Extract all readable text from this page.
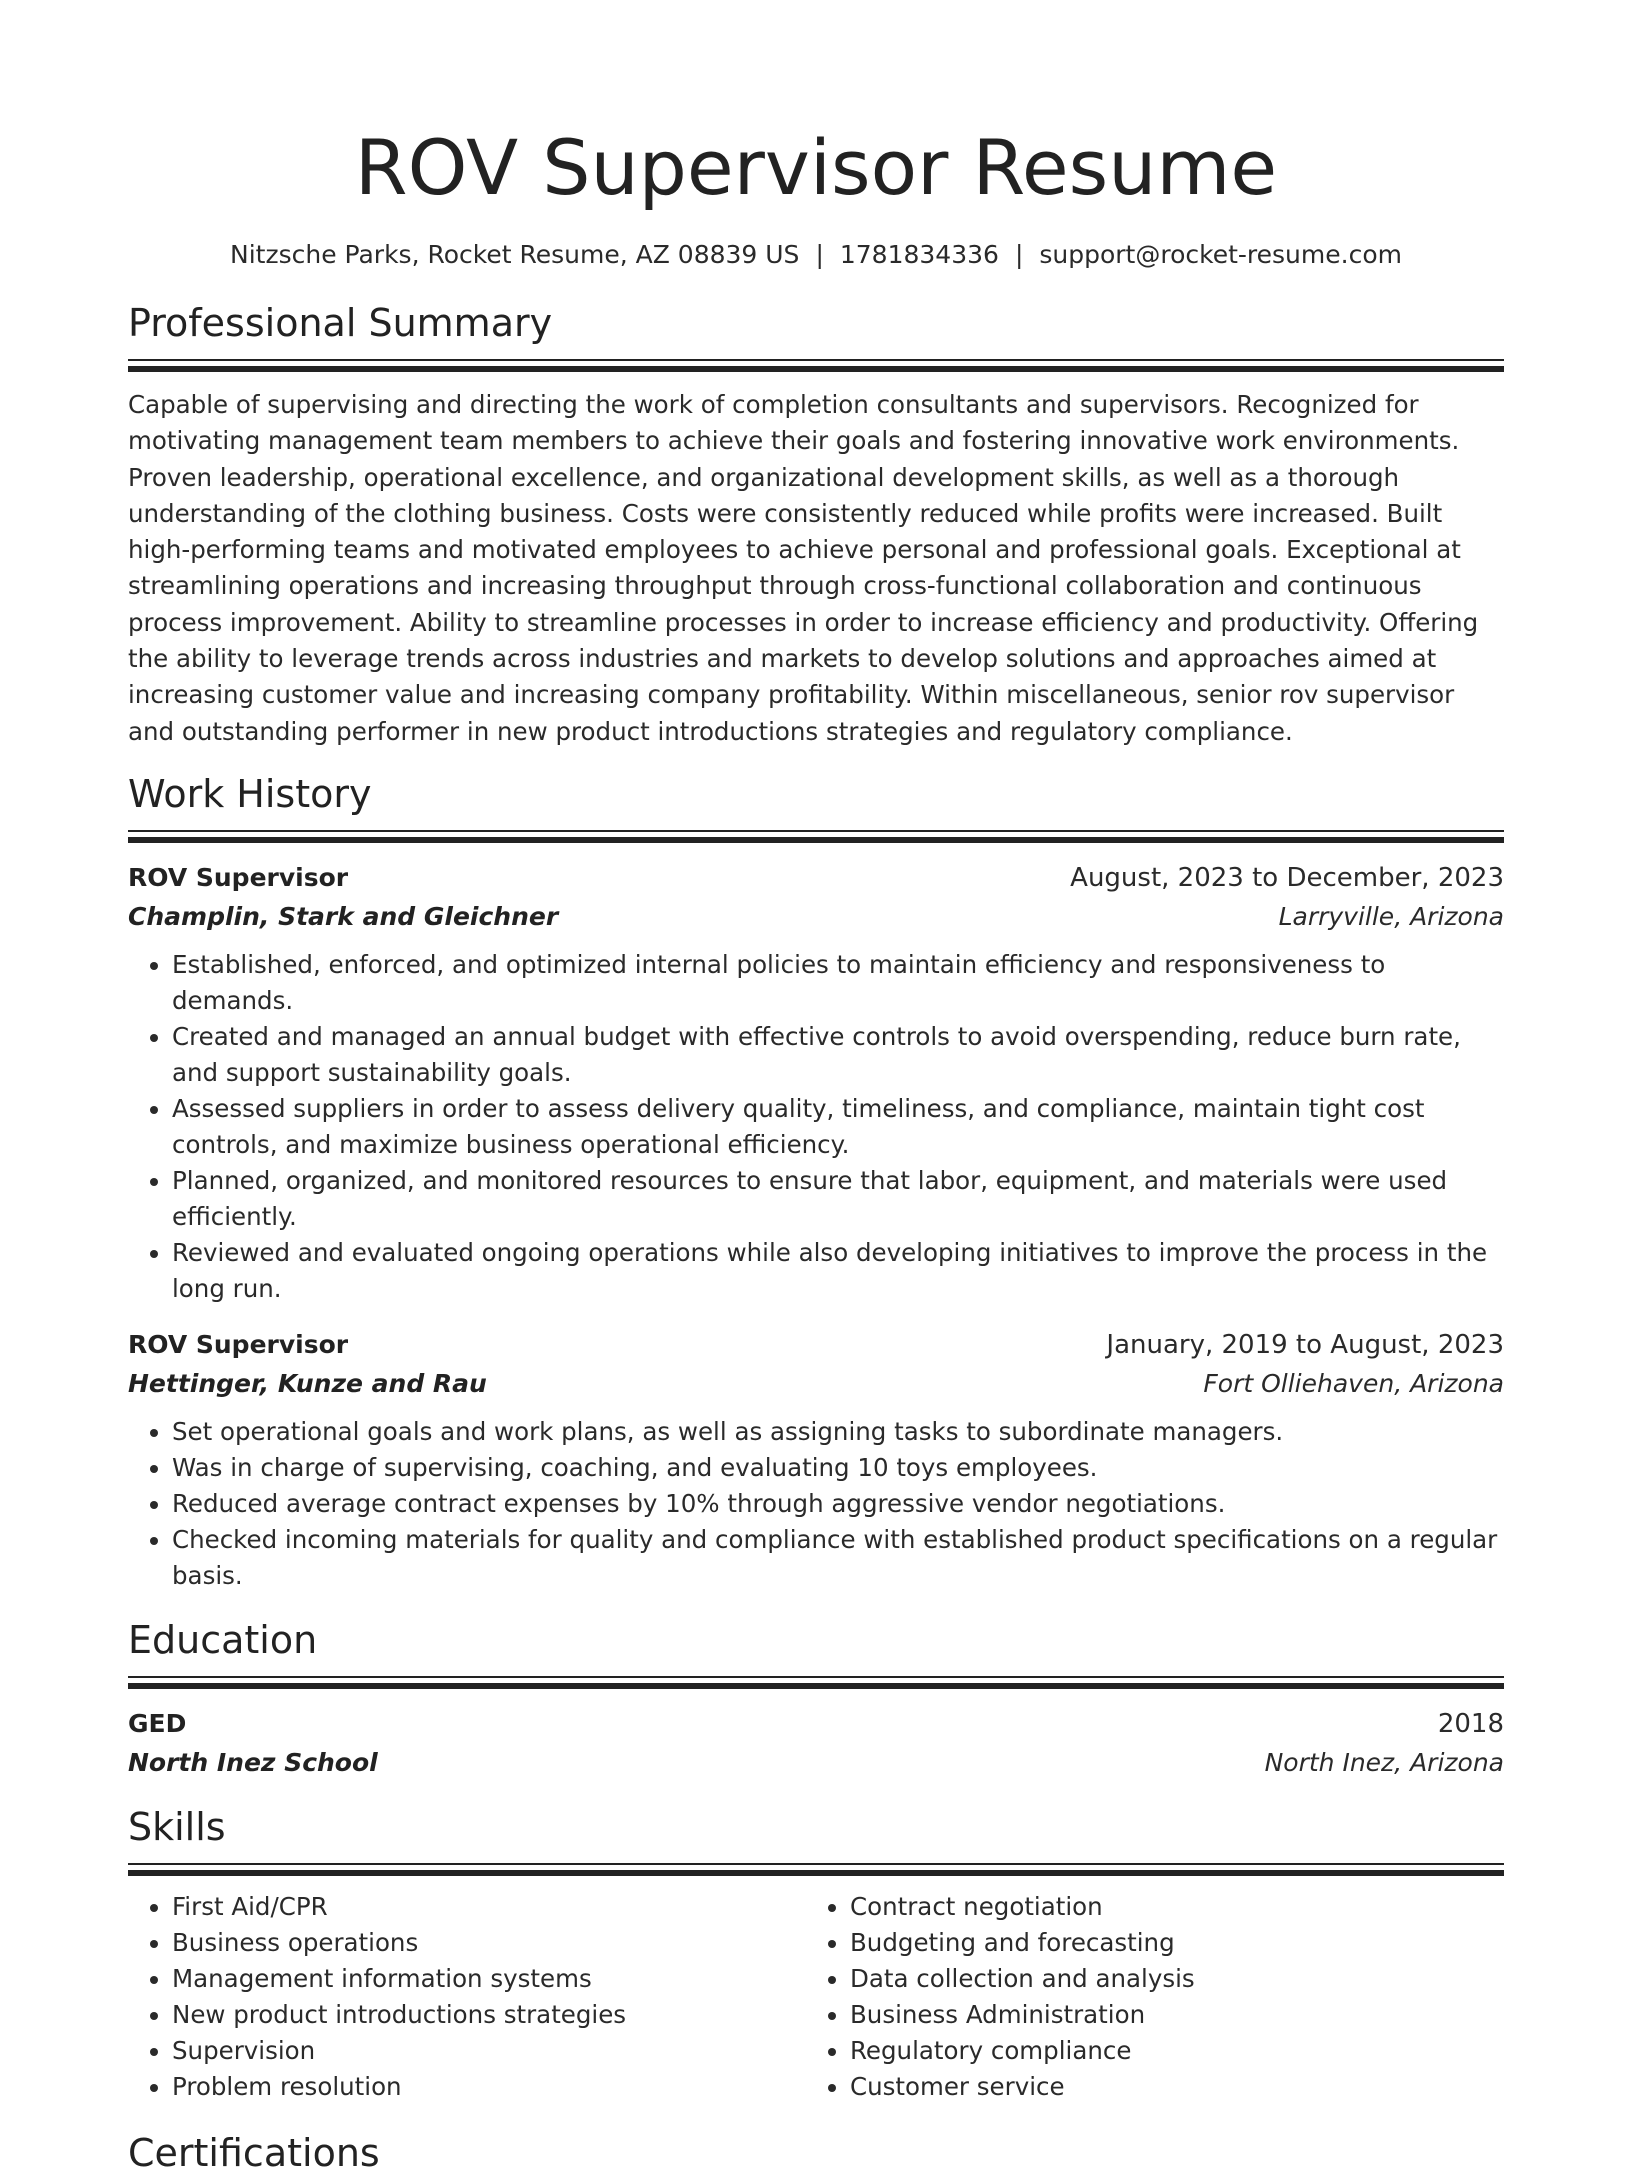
ROV Supervisor Resume
Nitzsche Parks, Rocket Resume, AZ 08839 US | 1781834336 | support@rocket-resume.com
Professional Summary

Capable of supervising and directing the work of completion consultants and supervisors. Recognized for motivating management team members to achieve their goals and fostering innovative work environments. Proven leadership, operational excellence, and organizational development skills, as well as a thorough understanding of the clothing business. Costs were consistently reduced while profits were increased. Built high-performing teams and motivated employees to achieve personal and professional goals. Exceptional at streamlining operations and increasing throughput through cross-functional collaboration and continuous process improvement. Ability to streamline processes in order to increase efficiency and productivity. Offering the ability to leverage trends across industries and markets to develop solutions and approaches aimed at increasing customer value and increasing company profitability. Within miscellaneous, senior rov supervisor and outstanding performer in new product introductions strategies and regulatory compliance.

Work History
ROV Supervisor	August, 2023 to December, 2023
Champlin, Stark and Gleichner	Larryville, Arizona
• Established, enforced, and optimized internal policies to maintain efficiency and responsiveness to demands.
• Created and managed an annual budget with effective controls to avoid overspending, reduce burn rate, and support sustainability goals.
• Assessed suppliers in order to assess delivery quality, timeliness, and compliance, maintain tight cost controls, and maximize business operational efficiency.
• Planned, organized, and monitored resources to ensure that labor, equipment, and materials were used efficiently.
• Reviewed and evaluated ongoing operations while also developing initiatives to improve the process in the long run.
ROV Supervisor	January, 2019 to August, 2023
Hettinger, Kunze and Rau	Fort Olliehaven, Arizona
• Set operational goals and work plans, as well as assigning tasks to subordinate managers.
• Was in charge of supervising, coaching, and evaluating 10 toys employees.
• Reduced average contract expenses by 10% through aggressive vendor negotiations.
• Checked incoming materials for quality and compliance with established product specifications on a regular basis.
Education
GED	2018
North Inez School	North Inez, Arizona
Skills
• First Aid/CPR
• Business operations
• Management information systems
• New product introductions strategies
• Supervision
• Problem resolution
• Contract negotiation
• Budgeting and forecasting
• Data collection and analysis
• Business Administration
• Regulatory compliance
• Customer service
Certifications
